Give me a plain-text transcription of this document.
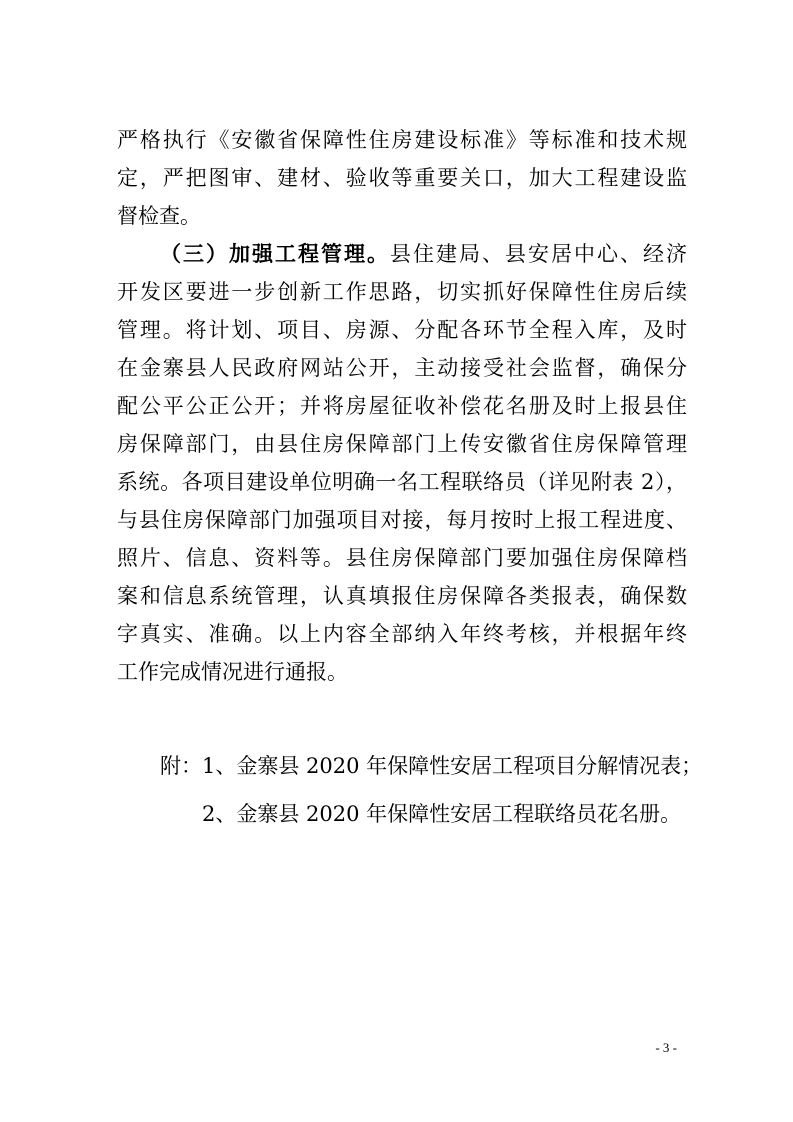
严格执行《安徽省保障性住房建设标准》等标准和技术规
定，严把图审、建材、验收等重要关口，加大工程建设监
督检查。
（三）加强工程管理。县住建局、县安居中心、经济
开发区要进一步创新工作思路，切实抓好保障性住房后续
管理。将计划、项目、房源、分配各环节全程入库，及时
在金寨县人民政府网站公开，主动接受社会监督，确保分
配公平公正公开；并将房屋征收补偿花名册及时上报县住
房保障部门，由县住房保障部门上传安徽省住房保障管理
系统。各项目建设单位明确一名工程联络员（详见附表 2），
与县住房保障部门加强项目对接，每月按时上报工程进度、
照片、信息、资料等。县住房保障部门要加强住房保障档
案和信息系统管理，认真填报住房保障各类报表，确保数
字真实、准确。以上内容全部纳入年终考核，并根据年终
工作完成情况进行通报。
附：1、金寨县 2020 年保障性安居工程项目分解情况表；
2、金寨县 2020 年保障性安居工程联络员花名册。
- 3 -
